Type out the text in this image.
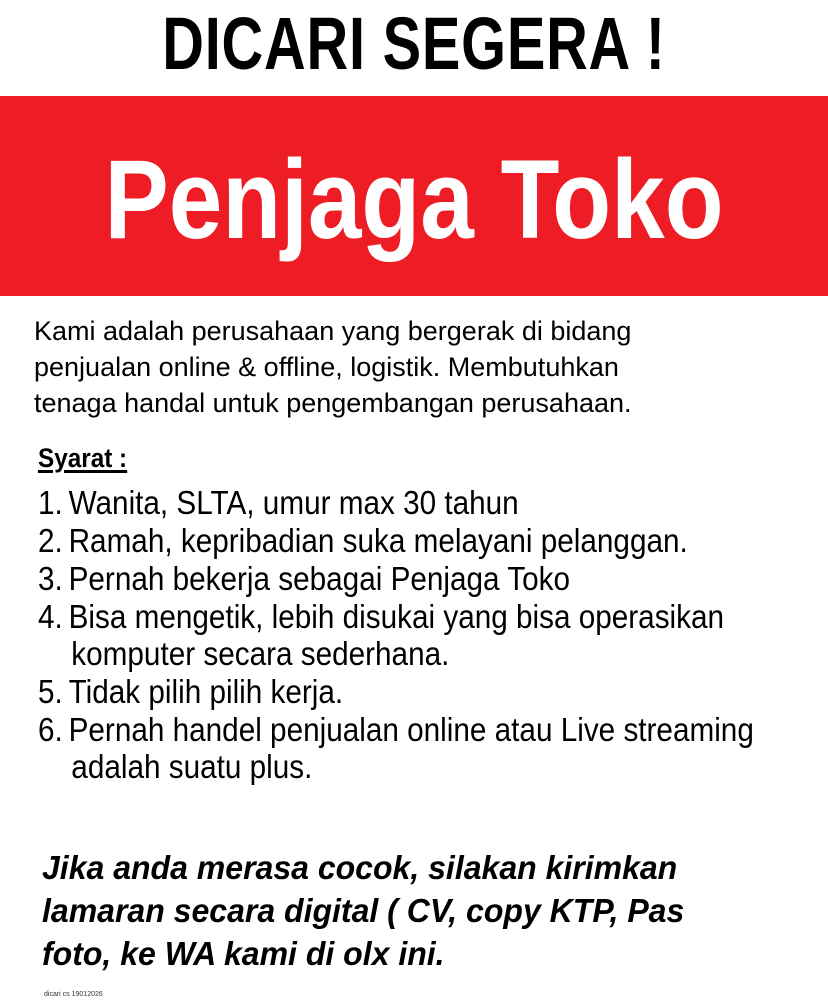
DICARI SEGERA !
Penjaga Toko

Kami adalah perusahaan yang bergerak di bidang

penjualan online & offline, logistik. Membutuhkan

tenaga handal untuk pengembangan perusahaan.

Syarat :
1. Wanita, SLTA, umur max 30 tahun
2. Ramah, kepribadian suka melayani pelanggan.
3. Pernah bekerja sebagai Penjaga Toko
4. Bisa mengetik, lebih disukai yang bisa operasikan
komputer secara sederhana.
5. Tidak pilih pilih kerja.
6. Pernah handel penjualan online atau Live streaming
adalah suatu plus.

Jika anda merasa cocok, silakan kirimkan

lamaran secara digital ( CV, copy KTP, Pas

foto, ke WA kami di olx ini.

dicari cs 19012026
